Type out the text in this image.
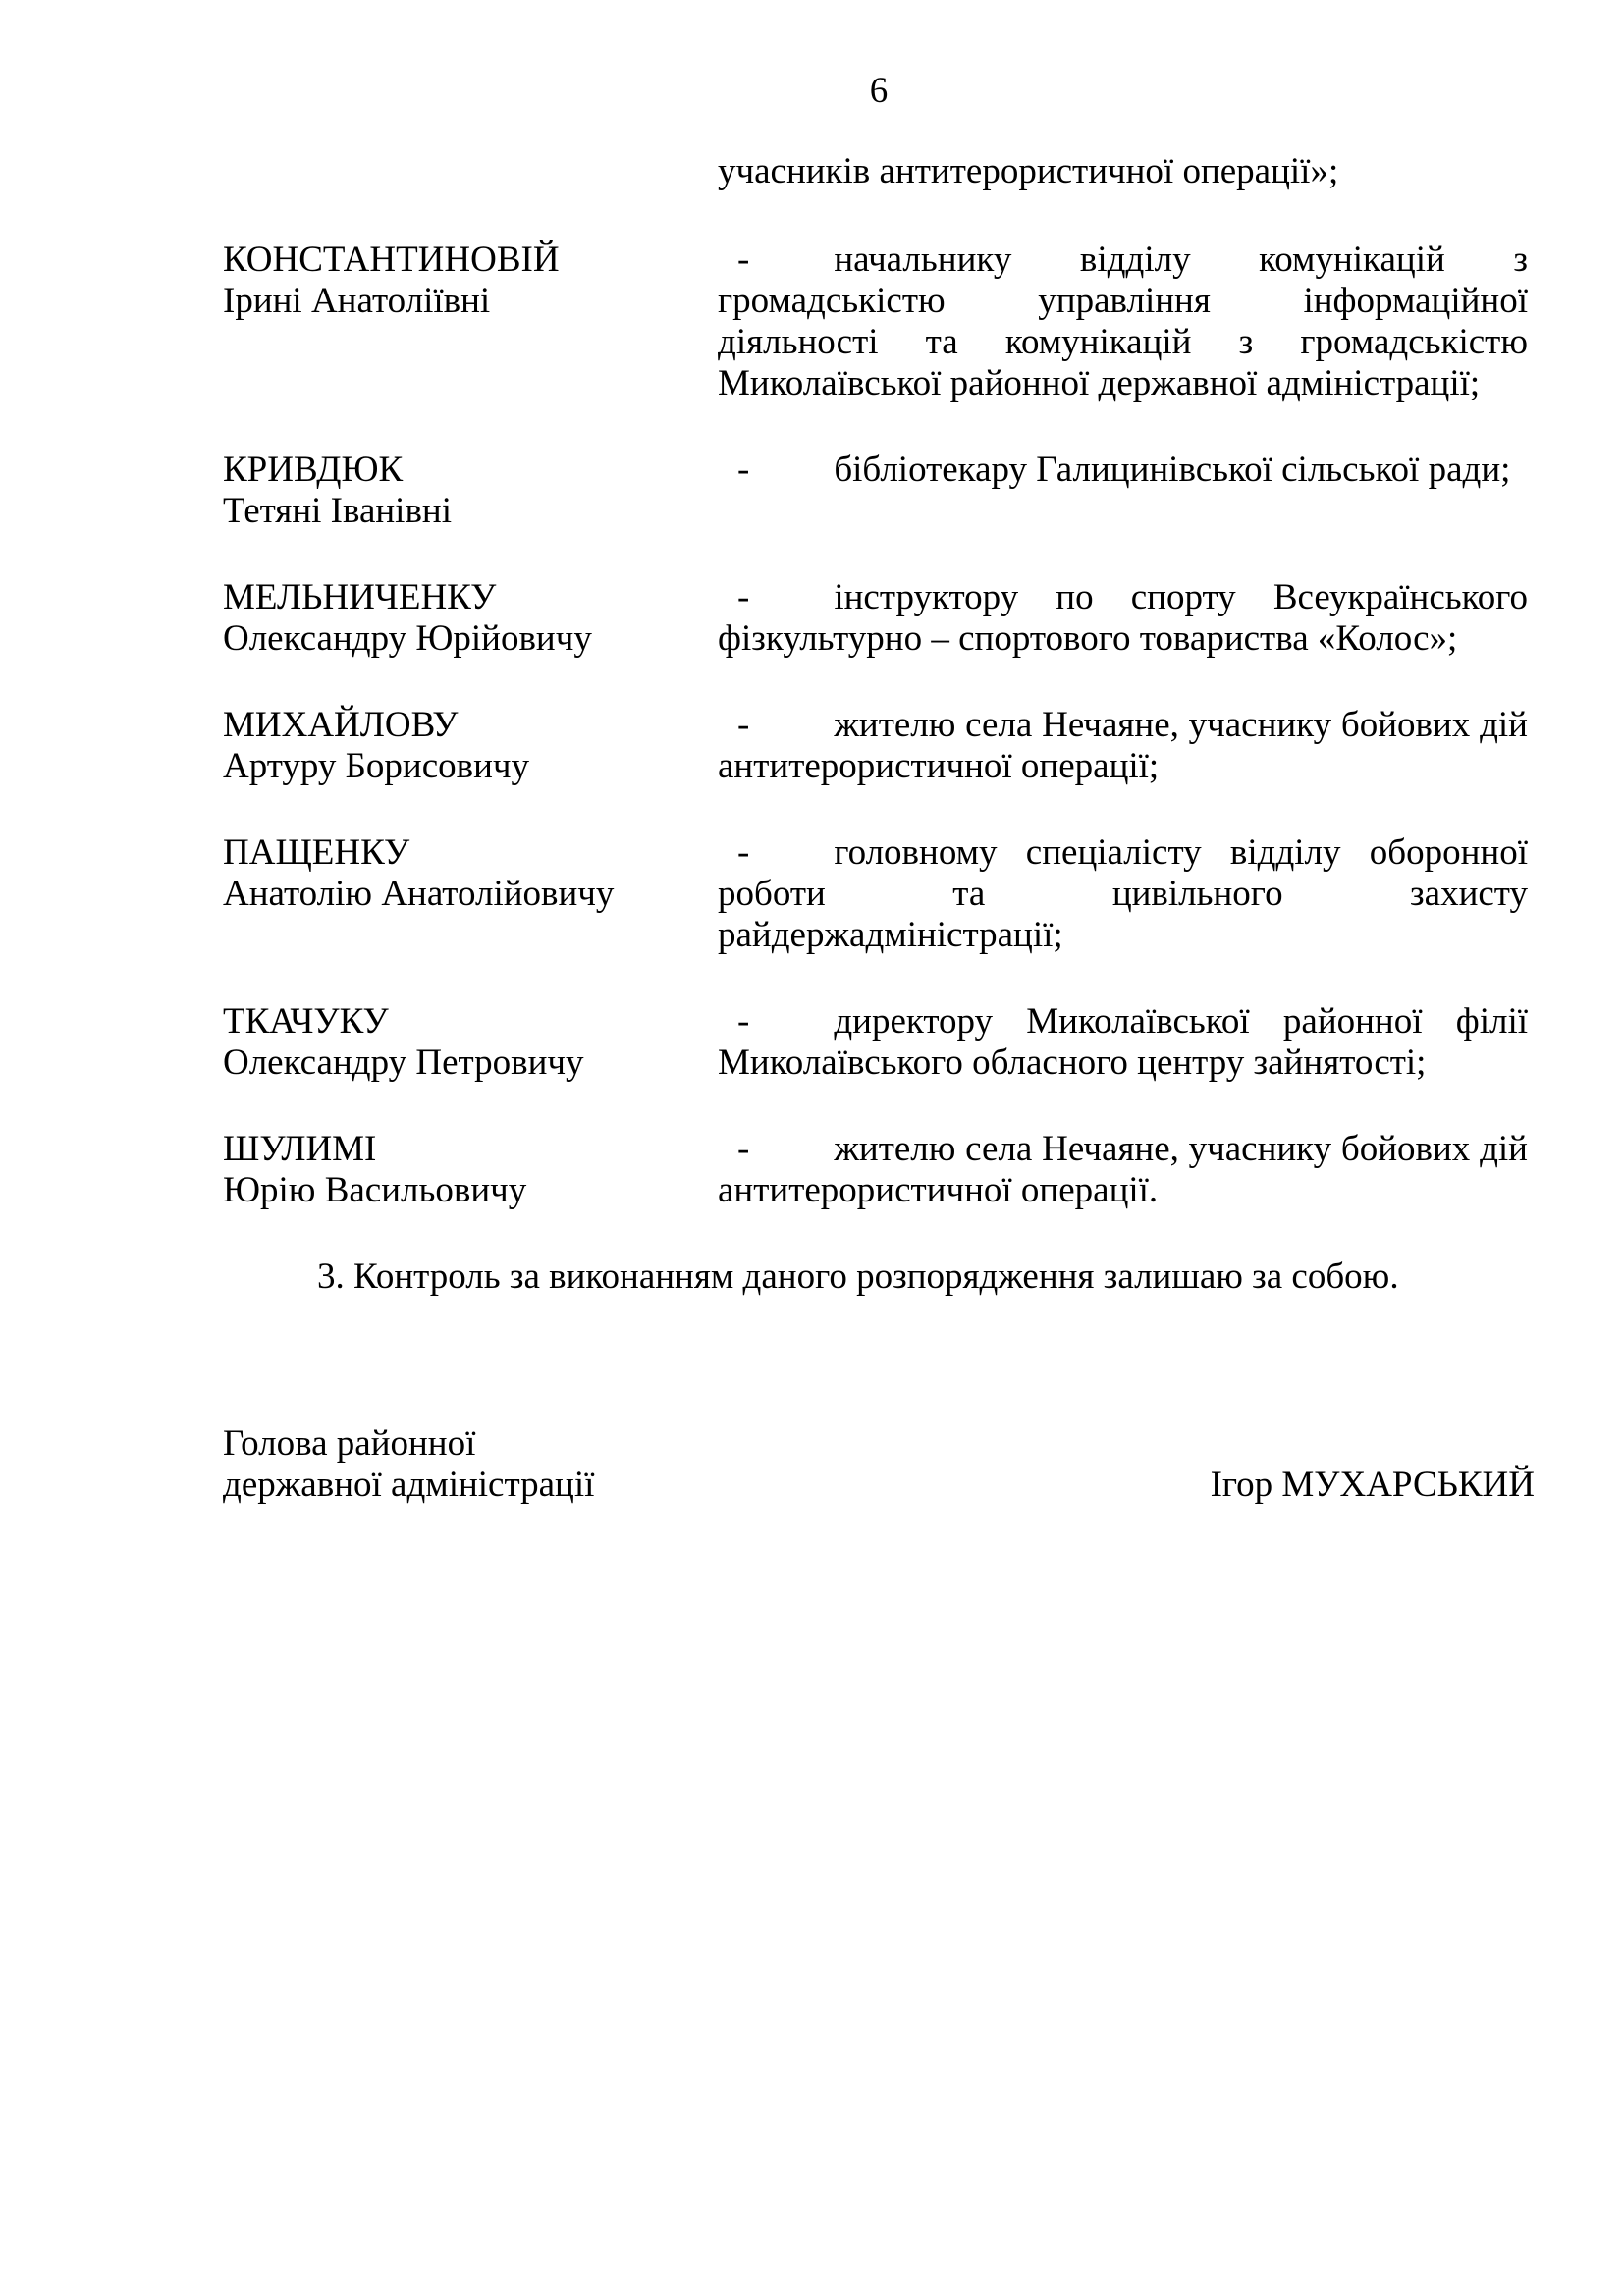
6
учасників антитерористичної операції»;
КОНСТАНТИНОВІЙ
Ірині Анатоліївні
- начальнику відділу комунікацій з громадськістю управління інформаційної діяльності та комунікацій з громадськістю Миколаївської районної державної адміністрації;
КРИВДЮК
Тетяні Іванівні
- бібліотекару Галицинівської сільської ради;
МЕЛЬНИЧЕНКУ
Олександру Юрійовичу
- інструктору по спорту Всеукраїнського фізкультурно – спортового товариства «Колос»;
МИХАЙЛОВУ
Артуру Борисовичу
- жителю села Нечаяне, учаснику бойових дій антитерористичної операції;
ПАЩЕНКУ
Анатолію Анатолійовичу
- головному спеціалісту відділу оборонної роботи та цивільного захисту райдержадміністрації;
ТКАЧУКУ
Олександру Петровичу
- директору Миколаївської районної філії Миколаївського обласного центру зайнятості;
ШУЛИМІ
Юрію Васильовичу
- жителю села Нечаяне, учаснику бойових дій антитерористичної операції.
3. Контроль за виконанням даного розпорядження залишаю за собою.
Голова районної
державної адміністрації	Ігор МУХАРСЬКИЙ
